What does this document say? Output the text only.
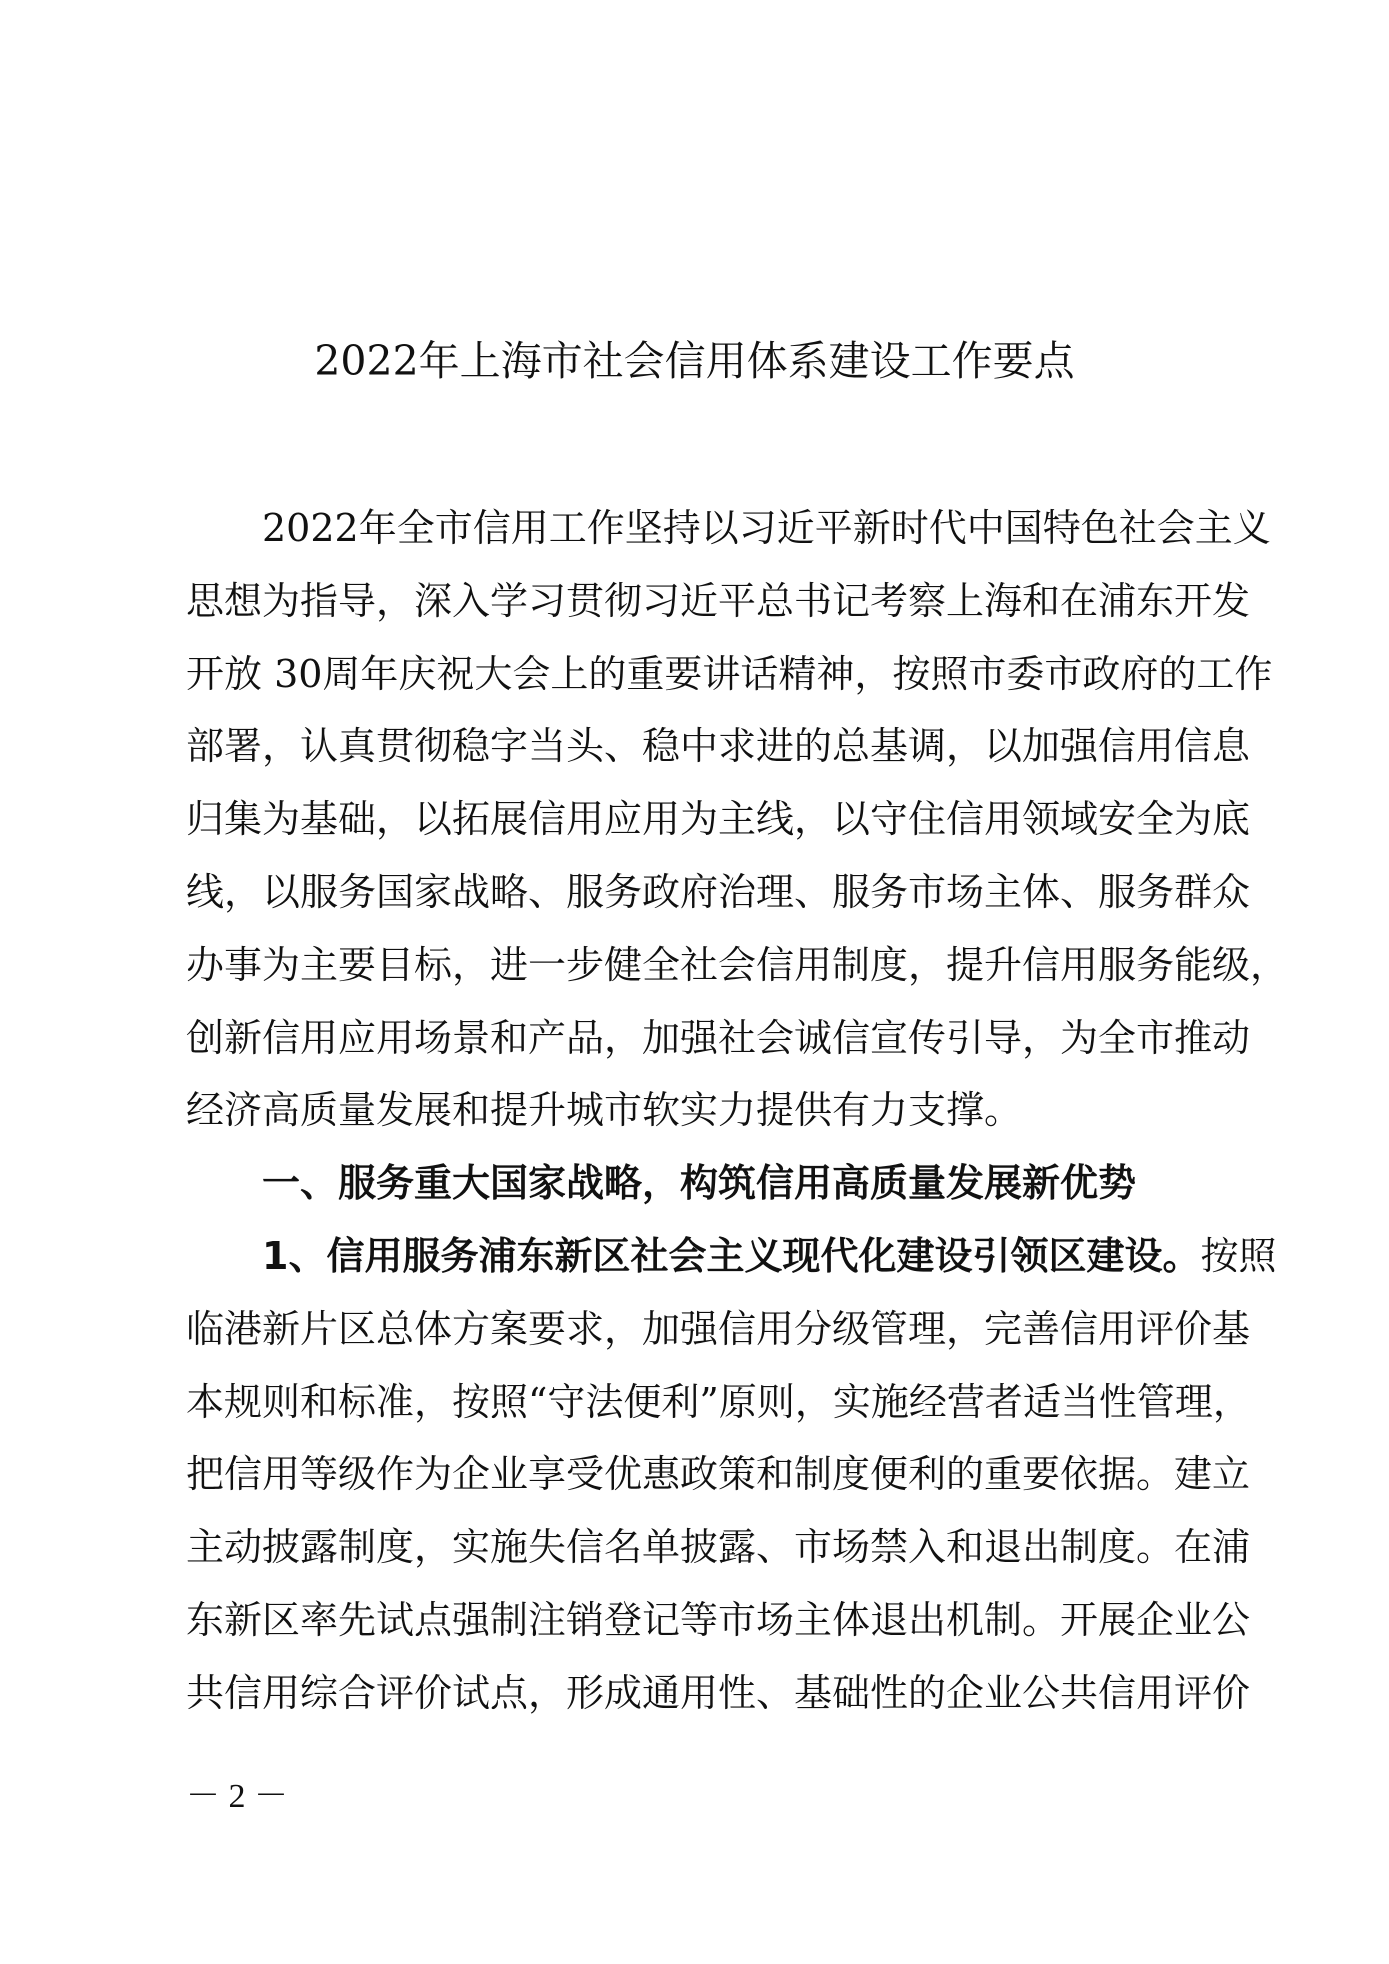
2022年上海市社会信用体系建设工作要点
2022年全市信用工作坚持以习近平新时代中国特色社会主义
思想为指导，深入学习贯彻习近平总书记考察上海和在浦东开发
开放 30周年庆祝大会上的重要讲话精神，按照市委市政府的工作
部署，认真贯彻稳字当头、稳中求进的总基调，以加强信用信息
归集为基础，以拓展信用应用为主线，以守住信用领域安全为底
线，以服务国家战略、服务政府治理、服务市场主体、服务群众
办事为主要目标，进一步健全社会信用制度，提升信用服务能级，
创新信用应用场景和产品，加强社会诚信宣传引导，为全市推动
经济高质量发展和提升城市软实力提供有力支撑。
一、服务重大国家战略，构筑信用高质量发展新优势
1、信用服务浦东新区社会主义现代化建设引领区建设。按照
临港新片区总体方案要求，加强信用分级管理，完善信用评价基
本规则和标准，按照“守法便利”原则，实施经营者适当性管理，
把信用等级作为企业享受优惠政策和制度便利的重要依据。建立
主动披露制度，实施失信名单披露、市场禁入和退出制度。在浦
东新区率先试点强制注销登记等市场主体退出机制。开展企业公
共信用综合评价试点，形成通用性、基础性的企业公共信用评价
－ 2 －
